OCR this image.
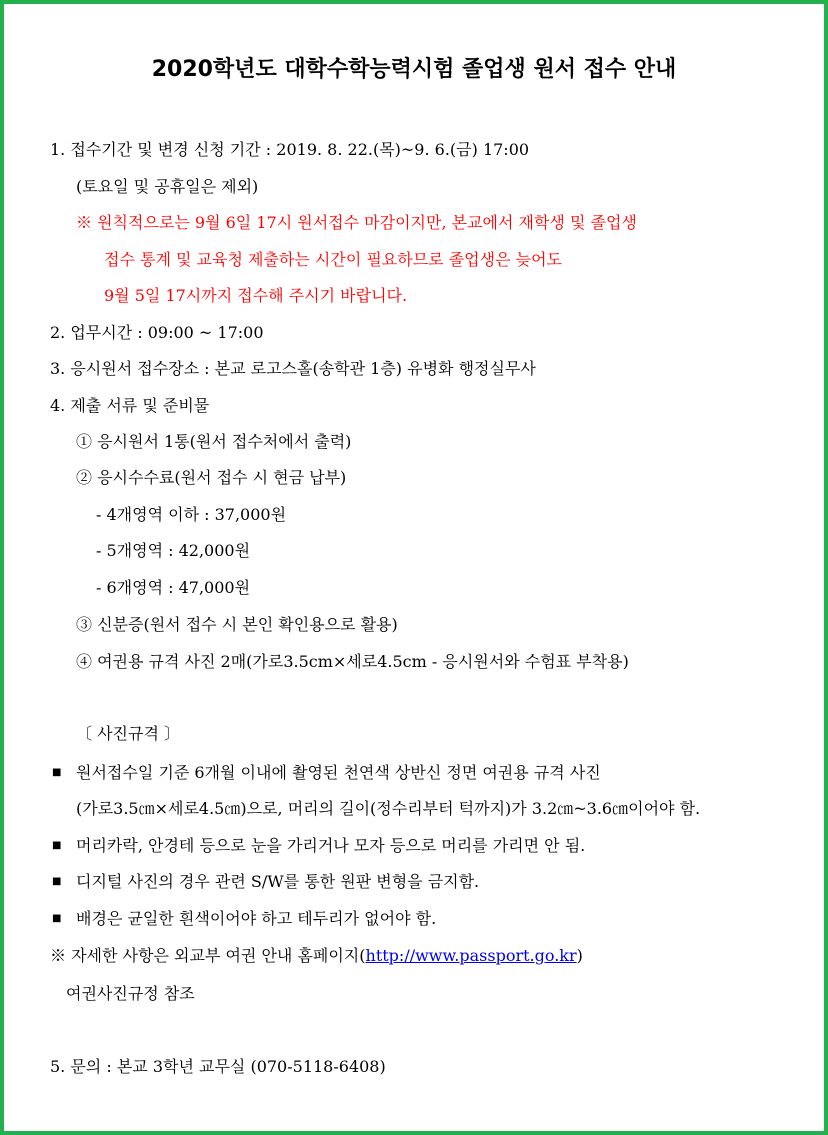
2020학년도 대학수학능력시험 졸업생 원서 접수 안내
1. 접수기간 및 변경 신청 기간 : 2019. 8. 22.(목)~9. 6.(금) 17:00
(토요일 및 공휴일은 제외)
※ 원칙적으로는 9월 6일 17시 원서접수 마감이지만, 본교에서 재학생 및 졸업생
접수 통계 및 교육청 제출하는 시간이 필요하므로 졸업생은 늦어도
9월 5일 17시까지 접수해 주시기 바랍니다.
2. 업무시간 : 09:00 ~ 17:00
3. 응시원서 접수장소 : 본교 로고스홀(송학관 1층) 유병화 행정실무사
4. 제출 서류 및 준비물
① 응시원서 1통(원서 접수처에서 출력)
② 응시수수료(원서 접수 시 현금 납부)
- 4개영역 이하 : 37,000원
- 5개영역 : 42,000원
- 6개영역 : 47,000원
③ 신분증(원서 접수 시 본인 확인용으로 활용)
④ 여권용 규격 사진 2매(가로3.5cm×세로4.5cm - 응시원서와 수험표 부착용)
〔 사진규격 〕
■ 원서접수일 기준 6개월 이내에 촬영된 천연색 상반신 정면 여권용 규격 사진
(가로3.5㎝×세로4.5㎝)으로, 머리의 길이(정수리부터 턱까지)가 3.2㎝~3.6㎝이어야 함.
■ 머리카락, 안경테 등으로 눈을 가리거나 모자 등으로 머리를 가리면 안 됨.
■ 디지털 사진의 경우 관련 S/W를 통한 원판 변형을 금지함.
■ 배경은 균일한 흰색이어야 하고 테두리가 없어야 함.
※ 자세한 사항은 외교부 여권 안내 홈페이지(http://www.passport.go.kr)
여권사진규정 참조
5. 문의 : 본교 3학년 교무실 (070-5118-6408)
